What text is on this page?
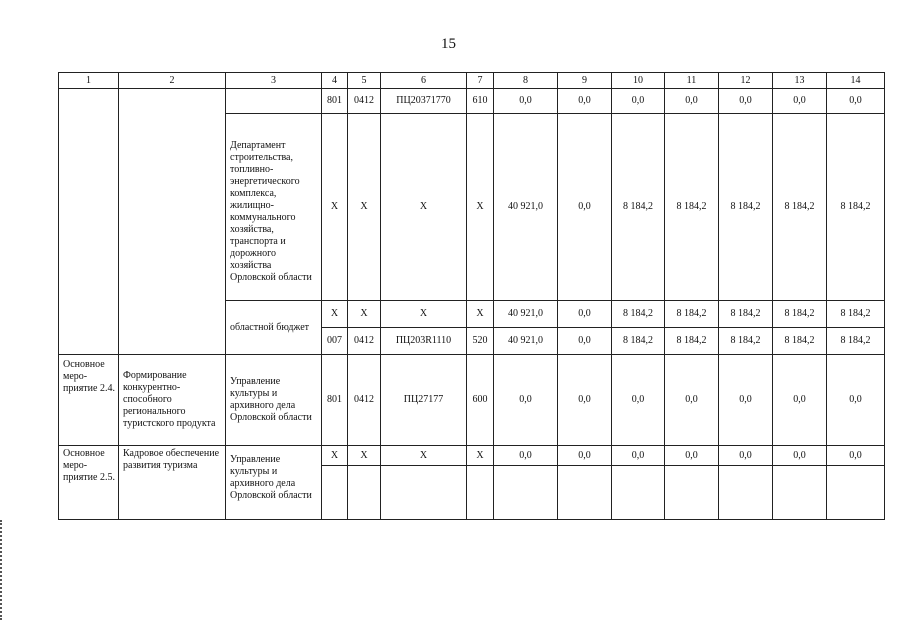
15
1	2	3	4	5	6	7	8	9	10	11	12	13	14
			801	0412	ПЦ20371770	610	0,0	0,0	0,0	0,0	0,0	0,0	0,0
		Департамент строительства, топливно-энергетического комплекса, жилищно-коммунального хозяйства, транспорта и дорожного хозяйства Орловской области	Х	Х	Х	Х	40 921,0	0,0	8 184,2	8 184,2	8 184,2	8 184,2	8 184,2
		областной бюджет	Х	Х	Х	Х	40 921,0	0,0	8 184,2	8 184,2	8 184,2	8 184,2	8 184,2
			007	0412	ПЦ203R1110	520	40 921,0	0,0	8 184,2	8 184,2	8 184,2	8 184,2	8 184,2
Основное меро-приятие 2.4.	Формирование конкурентно-способного регионального туристского продукта	Управление культуры и архивного дела Орловской области	801	0412	ПЦ27177	600	0,0	0,0	0,0	0,0	0,0	0,0	0,0
Основное меро-приятие 2.5.	Кадровое обеспечение развития туризма	Управление культуры и архивного дела Орловской области	Х	Х	Х	Х	0,0	0,0	0,0	0,0	0,0	0,0	0,0
